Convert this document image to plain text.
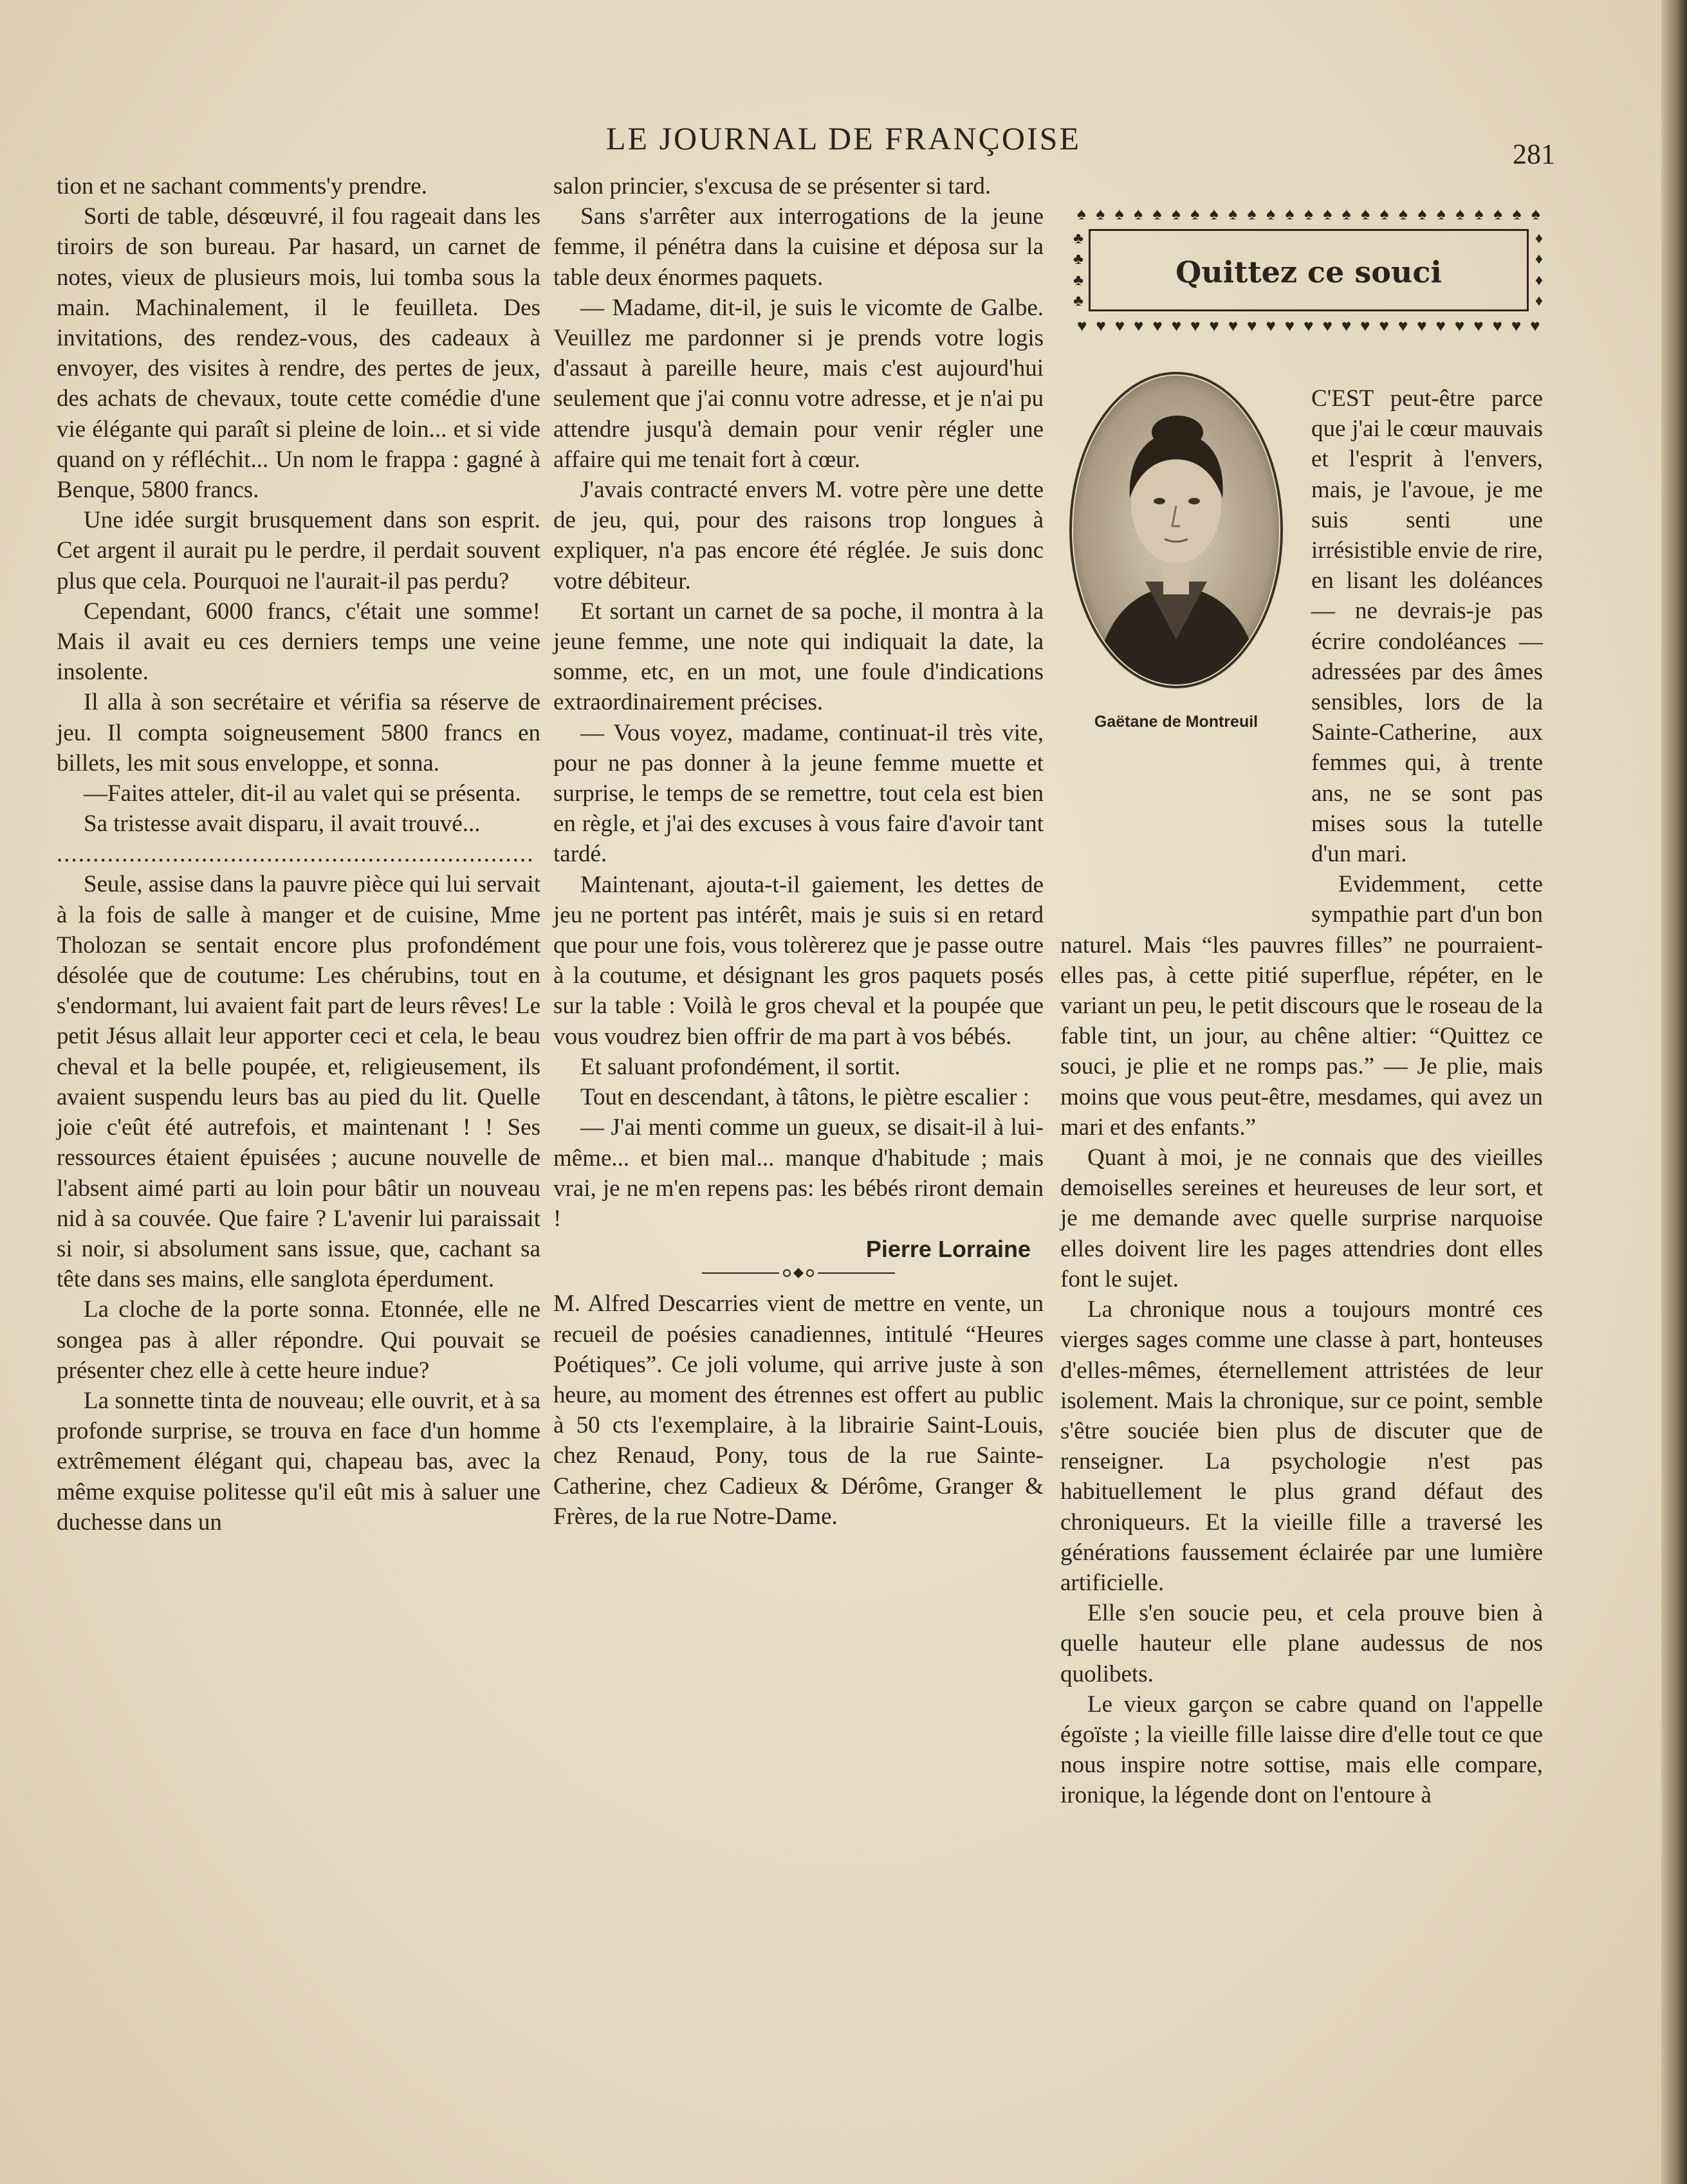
LE JOURNAL DE FRANÇOISE	281

tion et ne sachant comments'y prendre.

Sorti de table, désœuvré, il fou rageait dans les tiroirs de son bureau. Par hasard, un carnet de notes, vieux de plusieurs mois, lui tomba sous la main. Machinalement, il le feuilleta. Des invitations, des rendez-vous, des cadeaux à envoyer, des visites à rendre, des pertes de jeux, des achats de chevaux, toute cette comédie d'une vie élégante qui paraît si pleine de loin... et si vide quand on y réfléchit... Un nom le frappa : gagné à Benque, 5800 francs.

Une idée surgit brusquement dans son esprit. Cet argent il aurait pu le perdre, il perdait souvent plus que cela. Pourquoi ne l'aurait-il pas perdu?

Cependant, 6000 francs, c'était une somme! Mais il avait eu ces derniers temps une veine insolente.

Il alla à son secrétaire et vérifia sa réserve de jeu. Il compta soigneusement 5800 francs en billets, les mit sous enveloppe, et sonna.

—Faites atteler, dit-il au valet qui se présenta.

Sa tristesse avait disparu, il avait trouvé...

..................................................................

Seule, assise dans la pauvre pièce qui lui servait à la fois de salle à manger et de cuisine, Mme Tholozan se sentait encore plus profondément désolée que de coutume: Les chérubins, tout en s'endormant, lui avaient fait part de leurs rêves! Le petit Jésus allait leur apporter ceci et cela, le beau cheval et la belle poupée, et, religieusement, ils avaient suspendu leurs bas au pied du lit. Quelle joie c'eût été autrefois, et maintenant ! ! Ses ressources étaient épuisées ; aucune nouvelle de l'absent aimé parti au loin pour bâtir un nouveau nid à sa couvée. Que faire ? L'avenir lui paraissait si noir, si absolument sans issue, que, cachant sa tête dans ses mains, elle sanglota éperdument.

La cloche de la porte sonna. Etonnée, elle ne songea pas à aller répondre. Qui pouvait se présenter chez elle à cette heure indue?

La sonnette tinta de nouveau; elle ouvrit, et à sa profonde surprise, se trouva en face d'un homme extrêmement élégant qui, chapeau bas, avec la même exquise politesse qu'il eût mis à saluer une duchesse dans un

salon princier, s'excusa de se présenter si tard.

Sans s'arrêter aux interrogations de la jeune femme, il pénétra dans la cuisine et déposa sur la table deux énormes paquets.

— Madame, dit-il, je suis le vicomte de Galbe. Veuillez me pardonner si je prends votre logis d'assaut à pareille heure, mais c'est aujourd'hui seulement que j'ai connu votre adresse, et je n'ai pu attendre jusqu'à demain pour venir régler une affaire qui me tenait fort à cœur.

J'avais contracté envers M. votre père une dette de jeu, qui, pour des raisons trop longues à expliquer, n'a pas encore été réglée. Je suis donc votre débiteur.

Et sortant un carnet de sa poche, il montra à la jeune femme, une note qui indiquait la date, la somme, etc, en un mot, une foule d'indications extraordinairement précises.

— Vous voyez, madame, continuat-il très vite, pour ne pas donner à la jeune femme muette et surprise, le temps de se remettre, tout cela est bien en règle, et j'ai des excuses à vous faire d'avoir tant tardé.

Maintenant, ajouta-t-il gaiement, les dettes de jeu ne portent pas intérêt, mais je suis si en retard que pour une fois, vous tolèrerez que je passe outre à la coutume, et désignant les gros paquets posés sur la table : Voilà le gros cheval et la poupée que vous voudrez bien offrir de ma part à vos bébés.

Et saluant profondément, il sortit.

Tout en descendant, à tâtons, le piètre escalier :

— J'ai menti comme un gueux, se disait-il à lui-même... et bien mal... manque d'habitude ; mais vrai, je ne m'en repens pas: les bébés riront demain !

Pierre Lorraine

M. Alfred Descarries vient de mettre en vente, un recueil de poésies canadiennes, intitulé “Heures Poétiques”. Ce joli volume, qui arrive juste à son heure, au moment des étrennes est offert au public à 50 cts l'exemplaire, à la librairie Saint-Louis, chez Renaud, Pony, tous de la rue Sainte-Catherine, chez Cadieux & Dérôme, Granger & Frères, de la rue Notre-Dame.

♠ ♠ ♠ ♠ ♠ ♠ ♠ ♠ ♠ ♠ ♠ ♠ ♠ ♠ ♠ ♠ ♠ ♠ ♠ ♠ ♠ ♠ ♠ ♠ ♠
♥ ♥ ♥ ♥ ♥ ♥ ♥ ♥ ♥ ♥ ♥ ♥ ♥ ♥ ♥ ♥ ♥ ♥ ♥ ♥ ♥ ♥ ♥ ♥ ♥
♣
♣
♣
♣
♦
♦
♦
♦
Quittez ce souci
Gaëtane de Montreuil

C'EST peut-être parce que j'ai le cœur mauvais et l'esprit à l'envers, mais, je l'avoue, je me suis senti une irrésistible envie de rire, en lisant les doléances — ne devrais-je pas écrire condoléances — adressées par des âmes sensibles, lors de la Sainte-Catherine, aux femmes qui, à trente ans, ne se sont pas mises sous la tutelle d'un mari.

Evidemment, cette sympathie part d'un bon naturel. Mais “les pauvres filles” ne pourraient-elles pas, à cette pitié superflue, répéter, en le variant un peu, le petit discours que le roseau de la fable tint, un jour, au chêne altier: “Quittez ce souci, je plie et ne romps pas.” — Je plie, mais moins que vous peut-être, mesdames, qui avez un mari et des enfants.”

Quant à moi, je ne connais que des vieilles demoiselles sereines et heureuses de leur sort, et je me demande avec quelle surprise narquoise elles doivent lire les pages attendries dont elles font le sujet.

La chronique nous a toujours montré ces vierges sages comme une classe à part, honteuses d'elles-mêmes, éternellement attristées de leur isolement. Mais la chronique, sur ce point, semble s'être souciée bien plus de discuter que de renseigner. La psychologie n'est pas habituellement le plus grand défaut des chroniqueurs. Et la vieille fille a traversé les générations faussement éclairée par une lumière artificielle.

Elle s'en soucie peu, et cela prouve bien à quelle hauteur elle plane audessus de nos quolibets.

Le vieux garçon se cabre quand on l'appelle égoïste ; la vieille fille laisse dire d'elle tout ce que nous inspire notre sottise, mais elle compare, ironique, la légende dont on l'entoure à
